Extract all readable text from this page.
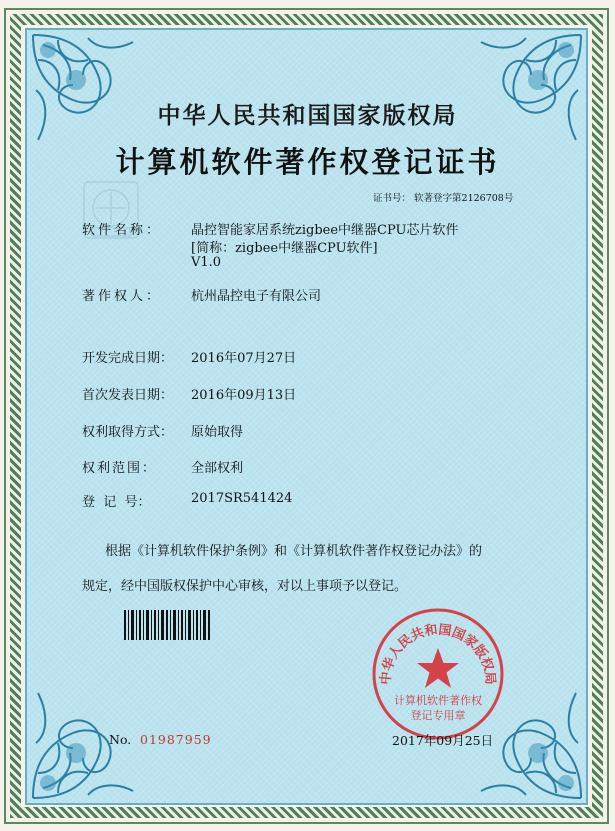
中华人民共和国国家版权局
计算机软件著作权登记证书
证书号： 软著登字第2126708号
软件名称： 晶控智能家居系统zigbee中继器CPU芯片软件
[简称：zigbee中继器CPU软件]
V1.0
著作权人： 杭州晶控电子有限公司
开发完成日期： 2016年07月27日
首次发表日期： 2016年09月13日
权利取得方式： 原始取得
权利范围：	全部权利
登  记  号：	2017SR541424
根据《计算机软件保护条例》和《计算机软件著作权登记办法》的
规定，经中国版权保护中心审核，对以上事项予以登记。
中华人民共和国国家版权局
计算机软件著作权
登记专用章
No. 01987959	2017年09月25日
